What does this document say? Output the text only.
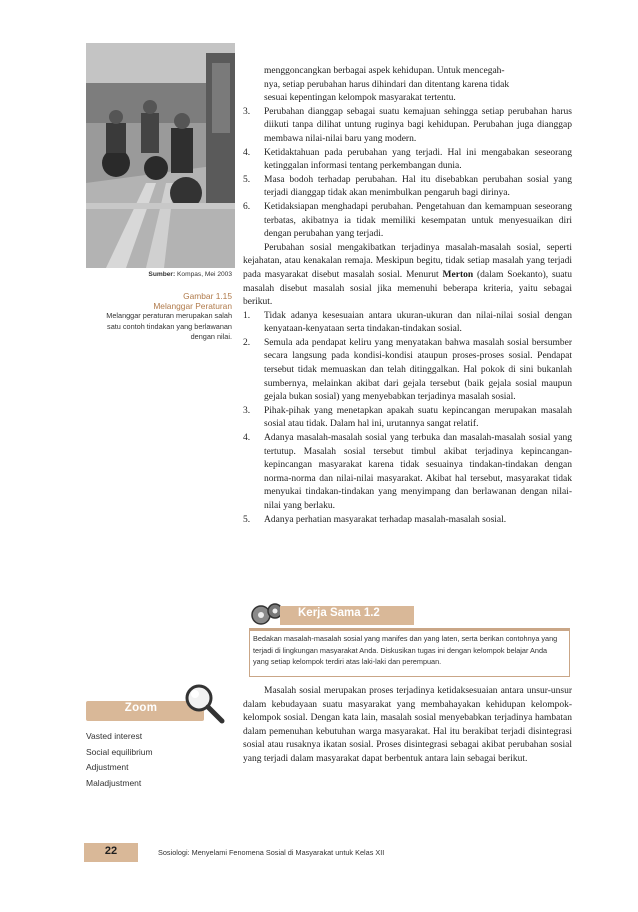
Sumber: Kompas, Mei 2003
Gambar 1.15
Melanggar Peraturan
Melanggar peraturan merupakan salah
satu contoh tindakan yang berlawanan
dengan nilai.

menggoncangkan berbagai aspek kehidupan. Untuk mencegah-
nya, setiap perubahan harus dihindari dan ditentang karena tidak
sesuai kepentingan kelompok masyarakat tertentu.

3. Perubahan dianggap sebagai suatu kemajuan sehingga setiap perubahan harus diikuti tanpa dilihat untung ruginya bagi kehidupan. Perubahan juga dianggap membawa nilai-nilai baru yang modern.

4. Ketidaktahuan pada perubahan yang terjadi. Hal ini mengabakan seseorang ketinggalan informasi tentang perkembangan dunia.

5. Masa bodoh terhadap perubahan. Hal itu disebabkan perubahan sosial yang terjadi dianggap tidak akan menimbulkan pengaruh bagi dirinya.

6. Ketidaksiapan menghadapi perubahan. Pengetahuan dan kemampuan seseorang terbatas, akibatnya ia tidak memiliki kesempatan untuk menyesuaikan diri dengan perubahan yang terjadi.

Perubahan sosial mengakibatkan terjadinya masalah-masalah sosial, seperti kejahatan, atau kenakalan remaja. Meskipun begitu, tidak setiap masalah yang terjadi pada masyarakat disebut masalah sosial. Menurut Merton (dalam Soekanto), suatu masalah disebut masalah sosial jika memenuhi beberapa kriteria, yaitu sebagai berikut.

1. Tidak adanya kesesuaian antara ukuran-ukuran dan nilai-nilai sosial dengan kenyataan-kenyataan serta tindakan-tindakan sosial.

2. Semula ada pendapat keliru yang menyatakan bahwa masalah sosial bersumber secara langsung pada kondisi-kondisi ataupun proses-proses sosial. Pendapat tersebut tidak memuaskan dan telah ditinggalkan. Hal pokok di sini bukanlah sumbernya, melainkan akibat dari gejala tersebut (baik gejala sosial maupun gejala bukan sosial) yang menyebabkan terjadinya masalah sosial.

3. Pihak-pihak yang menetapkan apakah suatu kepincangan merupakan masalah sosial atau tidak. Dalam hal ini, urutannya sangat relatif.

4. Adanya masalah-masalah sosial yang terbuka dan masalah-masalah sosial yang tertutup. Masalah sosial tersebut timbul akibat terjadinya kepincangan-kepincangan masyarakat karena tidak sesuainya tindakan-tindakan dengan norma-norma dan nilai-nilai masyarakat. Akibat hal tersebut, masyarakat tidak menyukai tindakan-tindakan yang menyimpang dan berlawanan dengan nilai-nilai yang berlaku.

5. Adanya perhatian masyarakat terhadap masalah-masalah sosial.

Kerja Sama 1.2
Bedakan masalah-masalah sosial yang manifes dan yang laten, serta berikan contohnya yang
terjadi di lingkungan masyarakat Anda. Diskusikan tugas ini dengan kelompok belajar Anda
yang setiap kelompok terdiri atas laki-laki dan perempuan.

Masalah sosial merupakan proses terjadinya ketidaksesuaian antara unsur-unsur dalam kebudayaan suatu masyarakat yang membahayakan kehidupan kelompok-kelompok sosial. Dengan kata lain, masalah sosial menyebabkan terjadinya hambatan dalam pemenuhan kebutuhan warga masyarakat. Hal itu berakibat terjadi disintegrasi sosial atau rusaknya ikatan sosial. Proses disintegrasi sebagai akibat perubahan sosial yang terjadi dalam masyarakat dapat berbentuk antara lain sebagai berikut.

Zoom
Vasted interest
Social equilibrium
Adjustment
Maladjustment
22	Sosiologi: Menyelami Fenomena Sosial di Masyarakat untuk Kelas XII
